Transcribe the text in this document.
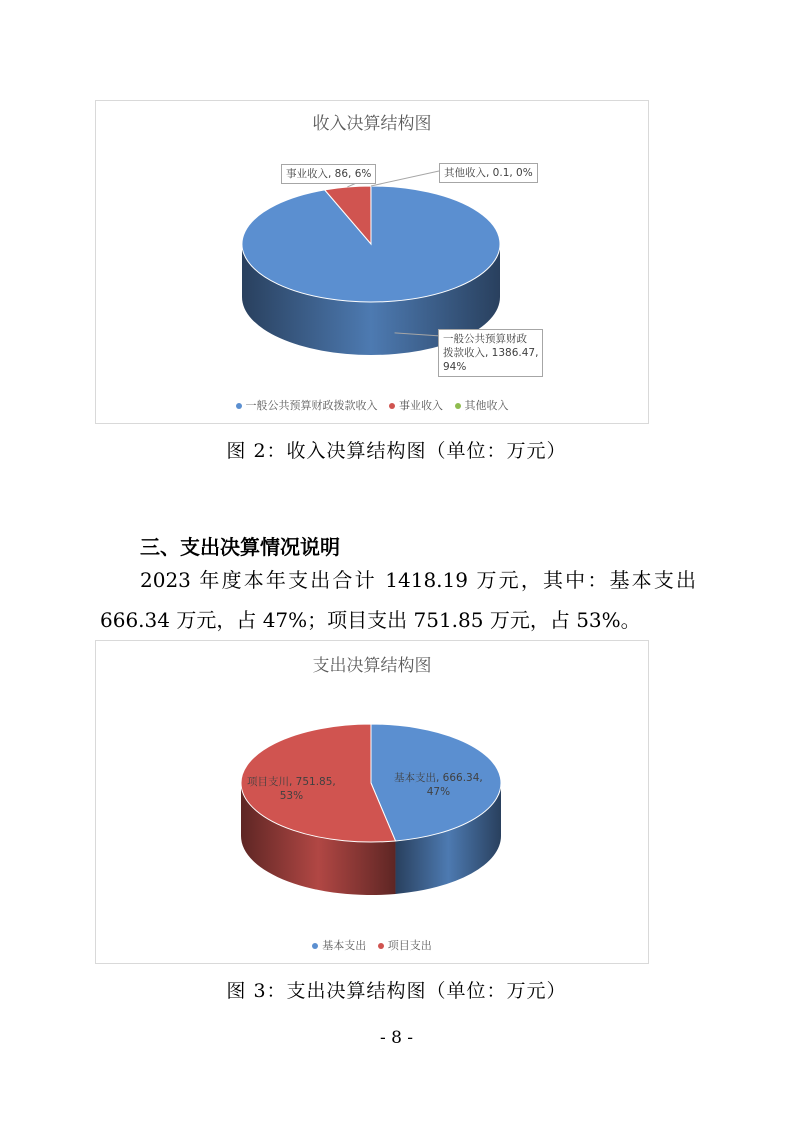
收入决算结构图
事业收入, 86, 6%	其他收入, 0.1, 0%
一般公共预算财政
拨款收入, 1386.47,
94%
一般公共预算财政拨款收入 事业收入 其他收入
图 2：收入决算结构图（单位：万元）
三、支出决算情况说明
2023 年度本年支出合计 1418.19 万元，其中：基本支出 666.34 万元，占 47%；项目支出 751.85 万元，占 53%。
支出决算结构图
基本支出, 666.34,
47%
项目支川, 751.85,
53%
基本支出 项目支出
图 3：支出决算结构图（单位：万元）
- 8 -
